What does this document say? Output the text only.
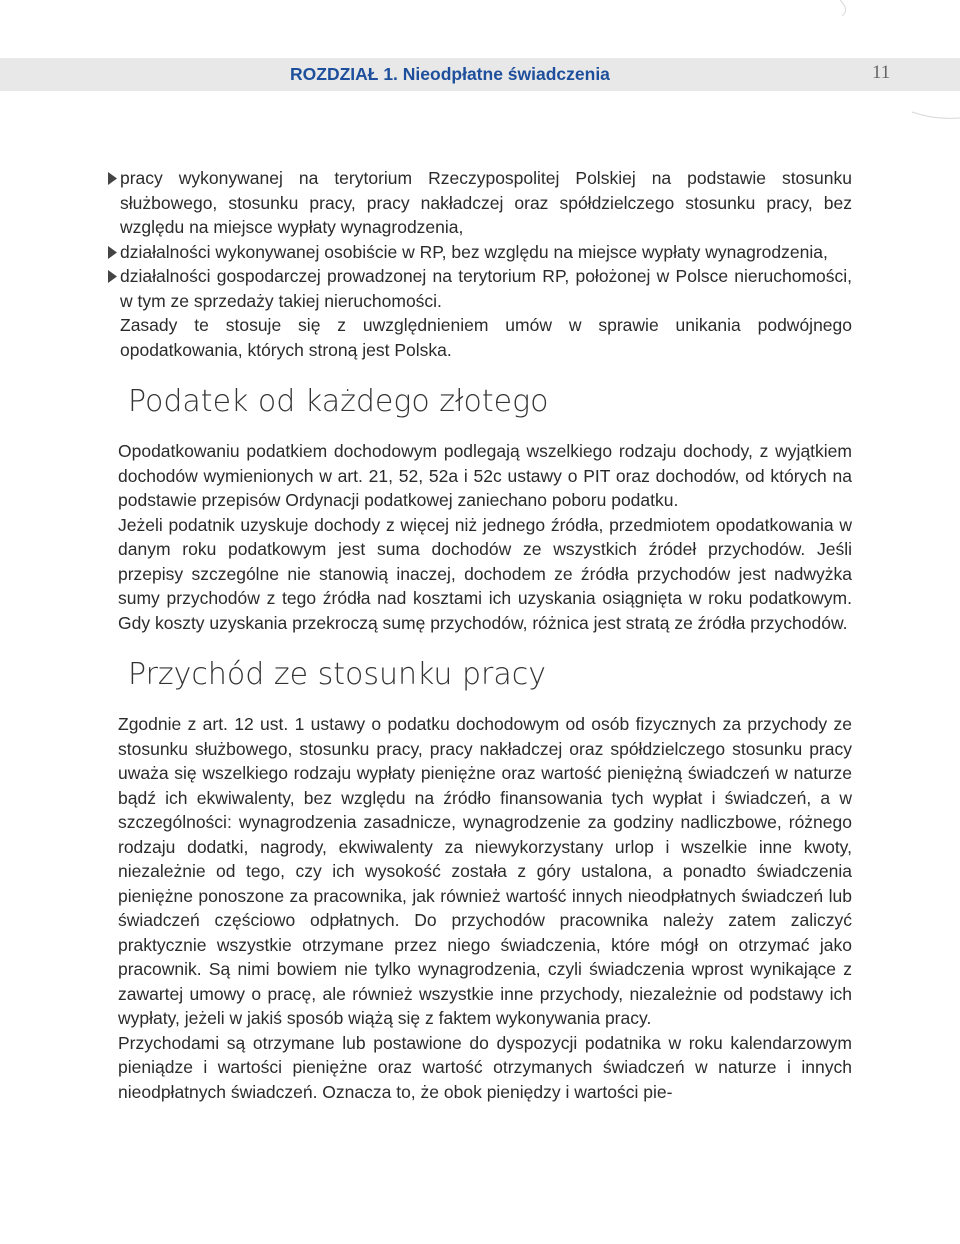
ROZDZIAŁ 1. Nieodpłatne świadczenia	11
pracy wykonywanej na terytorium Rzeczypospolitej Polskiej na podstawie stosunku służbowego, stosunku pracy, pracy nakładczej oraz spółdzielczego stosunku pracy, bez względu na miejsce wypłaty wynagrodzenia,
działalności wykonywanej osobiście w RP, bez względu na miejsce wypłaty wynagrodzenia,
działalności gospodarczej prowadzonej na terytorium RP, położonej w Polsce nieruchomości, w tym ze sprzedaży takiej nieruchomości.

Zasady te stosuje się z uwzględnieniem umów w sprawie unikania podwójnego opodatkowania, których stroną jest Polska.

Podatek od każdego złotego

Opodatkowaniu podatkiem dochodowym podlegają wszelkiego rodzaju dochody, z wyjątkiem dochodów wymienionych w art. 21, 52, 52a i 52c ustawy o PIT oraz dochodów, od których na podstawie przepisów Ordynacji podatkowej zaniechano poboru podatku.

Jeżeli podatnik uzyskuje dochody z więcej niż jednego źródła, przedmiotem opodatkowania w danym roku podatkowym jest suma dochodów ze wszystkich źródeł przychodów. Jeśli przepisy szczególne nie stanowią inaczej, dochodem ze źródła przychodów jest nadwyżka sumy przychodów z tego źródła nad kosztami ich uzyskania osiągnięta w roku podatkowym. Gdy koszty uzyskania przekroczą sumę przychodów, różnica jest stratą ze źródła przychodów.

Przychód ze stosunku pracy

Zgodnie z art. 12 ust. 1 ustawy o podatku dochodowym od osób fizycznych za przychody ze stosunku służbowego, stosunku pracy, pracy nakładczej oraz spółdzielczego stosunku pracy uważa się wszelkiego rodzaju wypłaty pieniężne oraz wartość pieniężną świadczeń w naturze bądź ich ekwiwalenty, bez względu na źródło finansowania tych wypłat i świadczeń, a w szczególności: wynagrodzenia zasadnicze, wynagrodzenie za godziny nadliczbowe, różnego rodzaju dodatki, nagrody, ekwiwalenty za niewykorzystany urlop i wszelkie inne kwoty, niezależnie od tego, czy ich wysokość została z góry ustalona, a ponadto świadczenia pieniężne ponoszone za pracownika, jak również wartość innych nieodpłatnych świadczeń lub świadczeń częściowo odpłatnych. Do przychodów pracownika należy zatem zaliczyć praktycznie wszystkie otrzymane przez niego świadczenia, które mógł on otrzymać jako pracownik. Są nimi bowiem nie tylko wynagrodzenia, czyli świadczenia wprost wynikające z zawartej umowy o pracę, ale również wszystkie inne przychody, niezależnie od podstawy ich wypłaty, jeżeli w jakiś sposób wiążą się z faktem wykonywania pracy.

Przychodami są otrzymane lub postawione do dyspozycji podatnika w roku kalendarzowym pieniądze i wartości pieniężne oraz wartość otrzymanych świadczeń w naturze i innych nieodpłatnych świadczeń. Oznacza to, że obok pieniędzy i wartości pie-
